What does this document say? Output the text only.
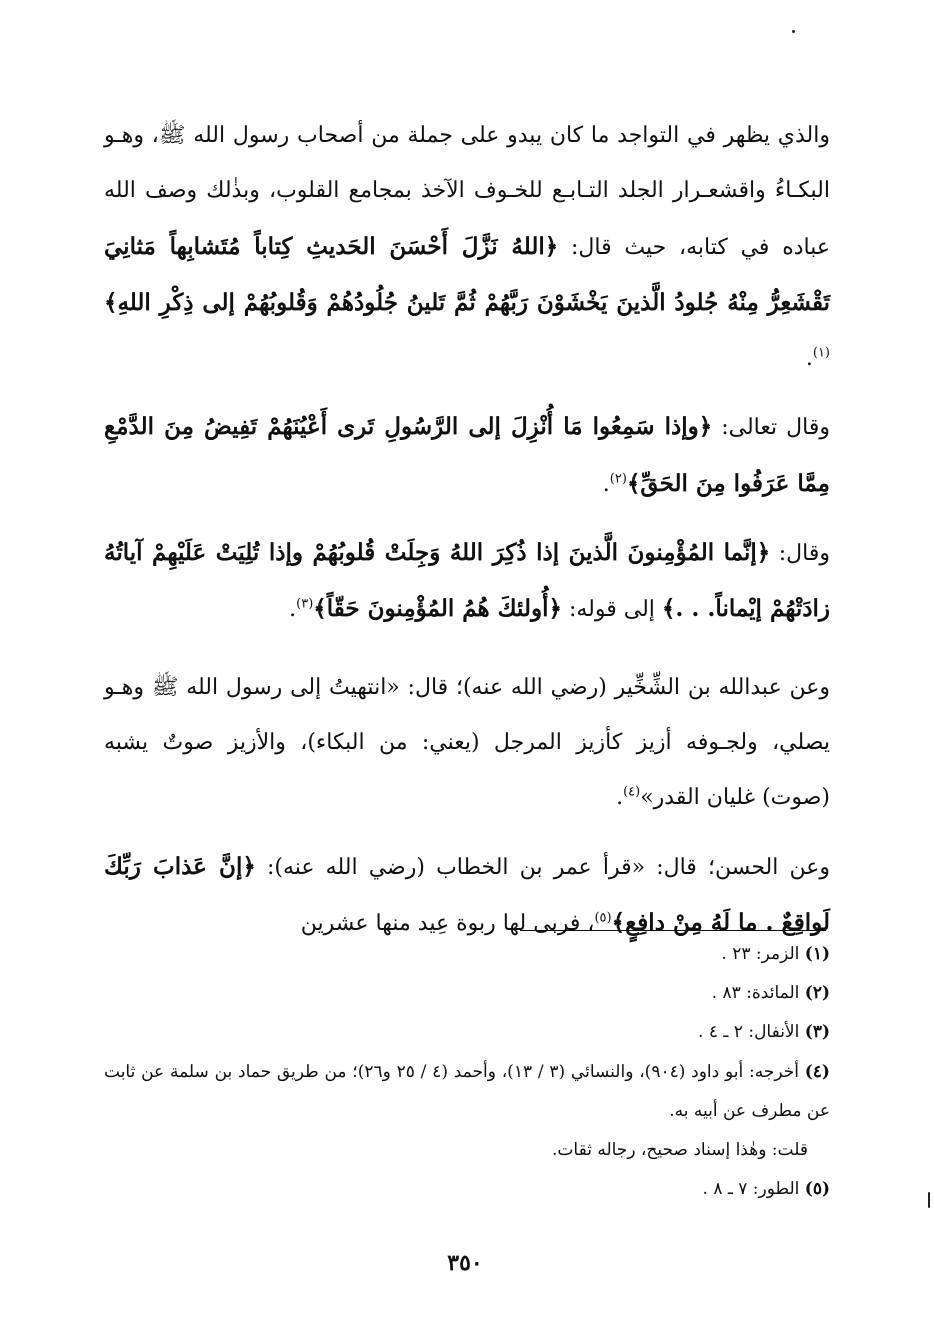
والذي يظهر في التواجد ما كان يبدو على جملة من أصحاب رسول الله ﷺ، وهـو البكـاءُ واقشعـرار الجلد التـابـع للخـوف الآخذ بمجامع القلوب، وبذٰلك وصف الله عباده في كتابه، حيث قال: ﴿اللهُ نَزَّلَ أَحْسَنَ الحَديثِ كِتاباً مُتَشابِهاً مَثانِيَ تَقْشَعِرُّ مِنْهُ جُلودُ الَّذينَ يَخْشَوْنَ رَبَّهُمْ ثُمَّ تَلينُ جُلُودُهُمْ وَقُلوبُهُمْ إلى ذِكْرِ اللهِ﴾$^{(١)}$.

وقال تعالى: ﴿وإذا سَمِعُوا مَا أُنْزِلَ إلى الرَّسُولِ تَرى أَعْيُنَهُمْ تَفِيضُ مِنَ الدَّمْعِ مِمَّا عَرَفُوا مِنَ الحَقِّ﴾$^{(٢)}$.

وقال: ﴿إنَّما المُؤْمِنونَ الَّذينَ إذا ذُكِرَ اللهُ وَجِلَتْ قُلوبُهُمْ وإذا تُلِيَتْ عَلَيْهِمْ آياتُهُ زادَتْهُمْ إيْماناً. . .﴾ إلى قوله: ﴿أُولئكَ هُمُ المُؤْمِنونَ حَقّاً﴾$^{(٣)}$.

وعن عبدالله بن الشِّخِّير (رضي الله عنه)؛ قال: «انتهيتُ إلى رسول الله ﷺ وهـو يصلي، ولجـوفه أزيز كأزيز المرجل (يعني: من البكاء)، والأزيز صوتٌ يشبه (صوت) غليان القدر»$^{(٤)}$.

وعن الحسن؛ قال: «قرأ عمر بن الخطاب (رضي الله عنه): ﴿إنَّ عَذابَ رَبِّكَ لَواقِعٌ . ما لَهُ مِنْ دافِعٍ﴾$^{(٥)}$، فربى لها ربوة عِيد منها عشرين

(١) الزمر: ٢٣ .

(٢) المائدة: ٨٣ .

(٣) الأنفال: ٢ ـ ٤ .

(٤) أخرجه: أبو داود (٩٠٤)، والنسائي (٣ / ١٣)، وأحمد (٤ / ٢٥ و٢٦)؛ من طريق حماد بن سلمة عن ثابت عن مطرف عن أبيه به.

قلت: وهٰذا إسناد صحيح، رجاله ثقات.

(٥) الطور: ٧ ـ ٨ .

٣٥٠
